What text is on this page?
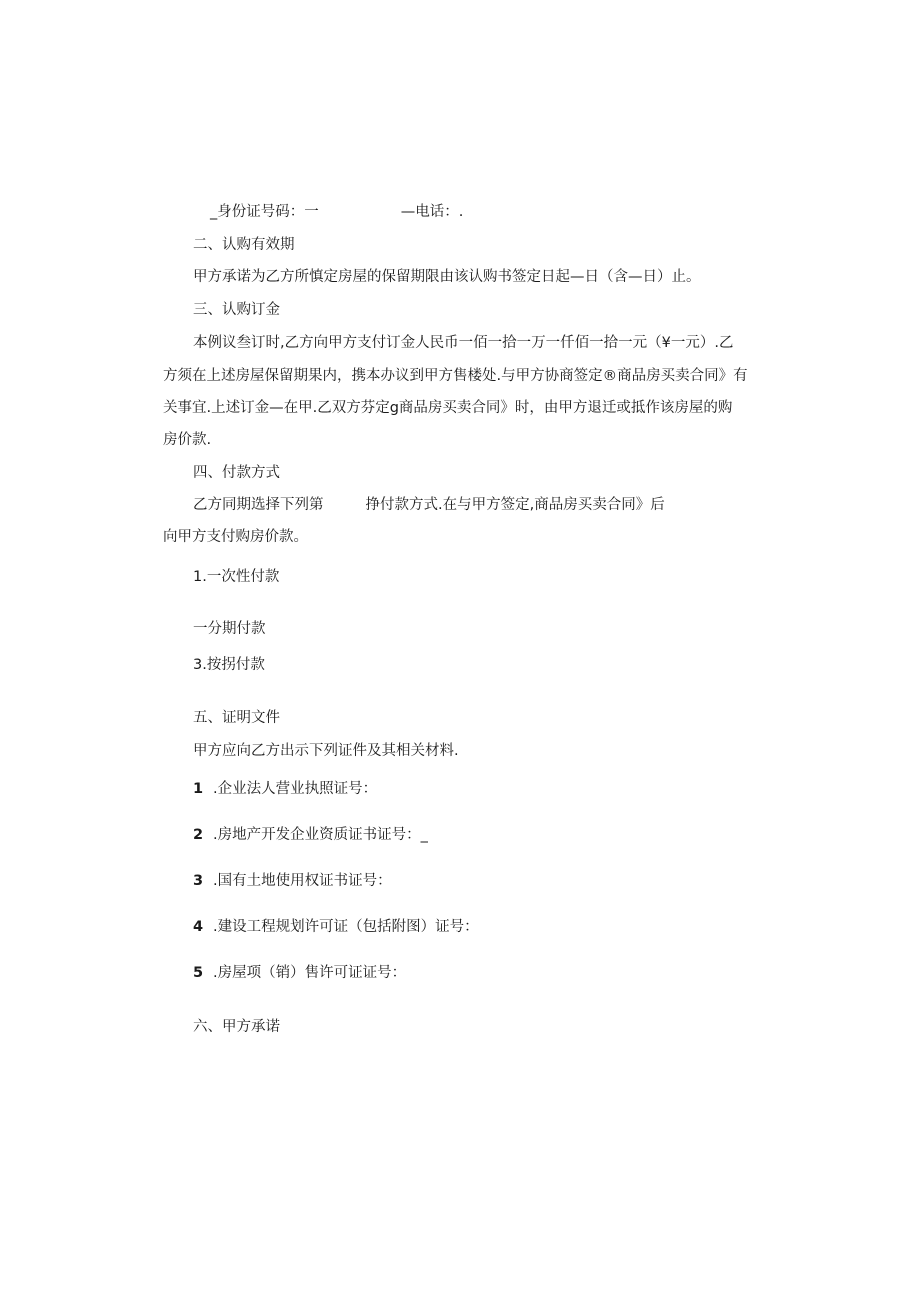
_身份证号码：一	—电话：.
二、认购有效期
甲方承诺为乙方所慎定房屋的保留期限由该认购书签定日起—日（含—日）止。
三、认购订金
本例议叁订时,乙方向甲方支付订金人民币一佰一拾一万一仟佰一拾一元（¥一元）.乙
方须在上述房屋保留期果内，携本办议到甲方售楼处.与甲方协商签定®商品房买卖合同》有
关事宜.上述订金—在甲.乙双方芬定g商品房买卖合同》时，由甲方退迁或抵作该房屋的购
房价款.
四、付款方式
乙方同期选择下列第	挣付款方式.在与甲方签定,商品房买卖合同》后
向甲方支付购房价款。
1.一次性付款
一分期付款
3.按拐付款
五、证明文件
甲方应向乙方出示下列证件及其相关材料.
1 .企业法人营业执照证号：
2 .房地产开发企业资质证书证号：_
3 .国有土地使用权证书证号：
4 .建设工程规划许可证（包括附图）证号：
5 .房屋项（销）售许可证证号：
六、甲方承诺
